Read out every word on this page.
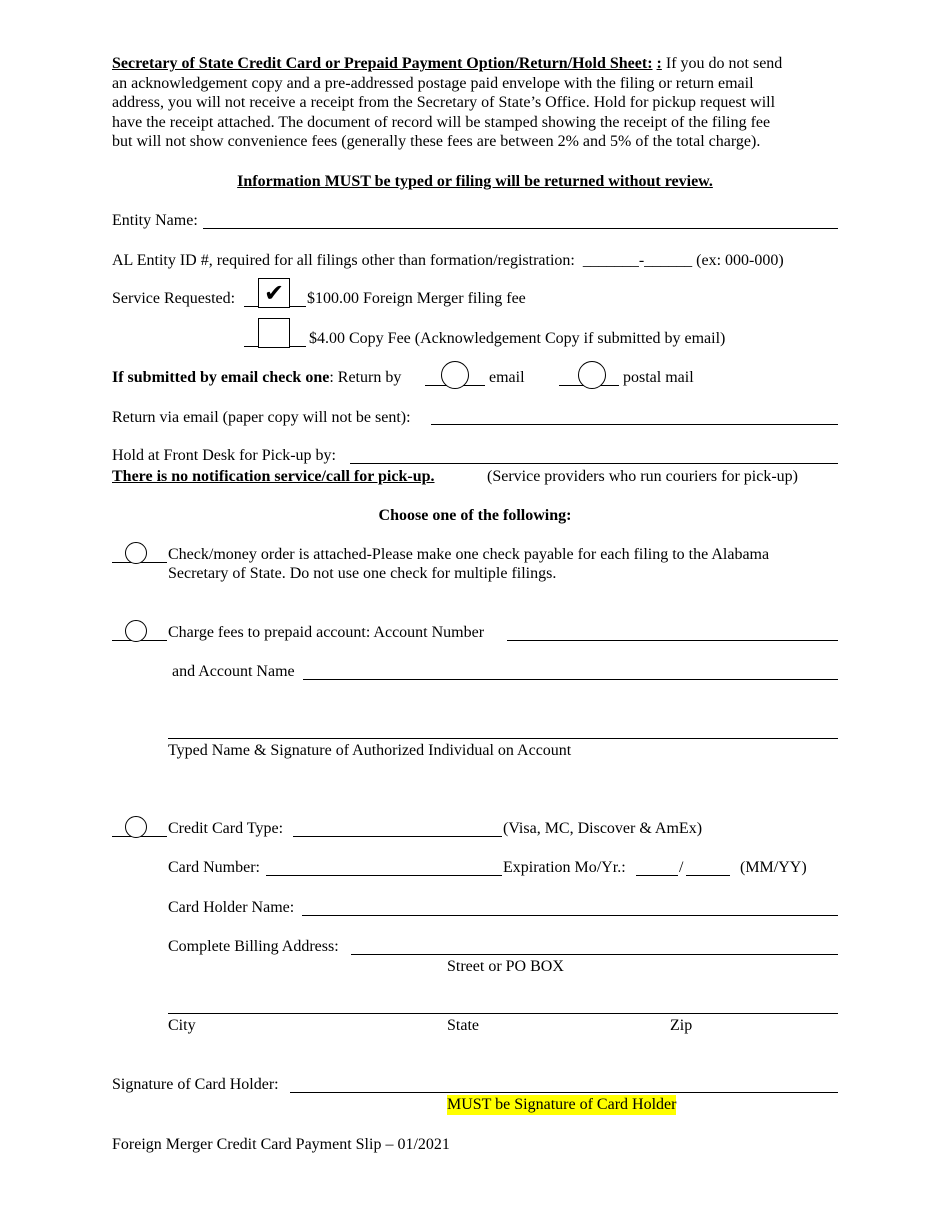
Secretary of State Credit Card or Prepaid Payment Option/Return/Hold Sheet: : If you do not send
an acknowledgement copy and a pre-addressed postage paid envelope with the filing or return email
address, you will not receive a receipt from the Secretary of State’s Office. Hold for pickup request will
have the receipt attached. The document of record will be stamped showing the receipt of the filing fee
but will not show convenience fees (generally these fees are between 2% and 5% of the total charge).
Information MUST be typed or filing will be returned without review.
Entity Name:
AL Entity ID #, required for all filings other than formation/registration: _______-______ (ex: 000-000)
Service Requested: ✔	$100.00 Foreign Merger filing fee
$4.00 Copy Fee (Acknowledgement Copy if submitted by email)
If submitted by email check one: Return by	email	postal mail
Return via email (paper copy will not be sent):
Hold at Front Desk for Pick-up by:
There is no notification service/call for pick-up.	(Service providers who run couriers for pick-up)
Choose one of the following:
Check/money order is attached-Please make one check payable for each filing to the Alabama
Secretary of State. Do not use one check for multiple filings.
Charge fees to prepaid account: Account Number
and Account Name
Typed Name & Signature of Authorized Individual on Account
Credit Card Type:	(Visa, MC, Discover & AmEx)
Card Number:	Expiration Mo/Yr.:	/	(MM/YY)
Card Holder Name:
Complete Billing Address:
Street or PO BOX
City	State	Zip
Signature of Card Holder:
MUST be Signature of Card Holder
Foreign Merger Credit Card Payment Slip – 01/2021
